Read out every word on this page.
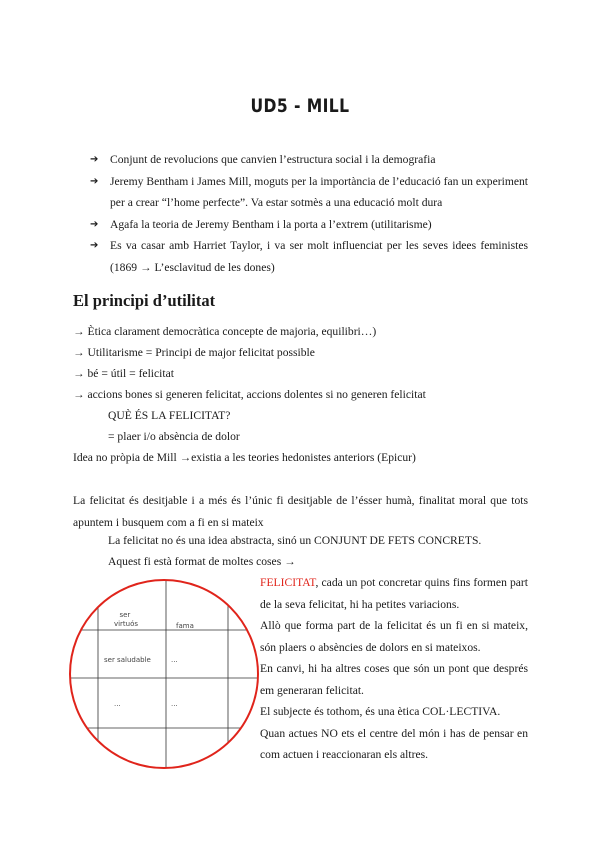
UD5 - MILL
➔ Conjunt de revolucions que canvien l’estructura social i la demografia
➔ Jeremy Bentham i James Mill, moguts per la importància de l’educació fan un experiment per a crear “l’home perfecte”. Va estar sotmès a una educació molt dura
➔ Agafa la teoria de Jeremy Bentham i la porta a l’extrem (utilitarisme)
➔ Es va casar amb Harriet Taylor, i va ser molt influenciat per les seves idees feministes (1869 → L’esclavitud de les dones)
El principi d’utilitat
→ Ètica clarament democràtica concepte de majoria, equilibri…)
→ Utilitarisme = Principi de major felicitat possible
→ bé = útil = felicitat
→ accions bones si generen felicitat, accions dolentes si no generen felicitat
QUÈ ÉS LA FELICITAT?
= plaer i/o absència de dolor
Idea no pròpia de Mill →existia a les teories hedonistes anteriors (Epicur)
La felicitat és desitjable i a més és l’únic fi desitjable de l’ésser humà, finalitat moral que tots apuntem i busquem com a fi en si mateix
La felicitat no és una idea abstracta, sinó un CONJUNT DE FETS CONCRETS.
Aquest fi està format de moltes coses →
ser virtuós	fama
ser saludable	...
...	...
FELICITAT, cada un pot concretar quins fins formen part de la seva felicitat, hi ha petites variacions.
Allò que forma part de la felicitat és un fi en si mateix, són plaers o absències de dolors en si mateixos.
En canvi, hi ha altres coses que són un pont que després em generaran felicitat.
El subjecte és tothom, és una ètica COL·LECTIVA.
Quan actues NO ets el centre del món i has de pensar en com actuen i reaccionaran els altres.
